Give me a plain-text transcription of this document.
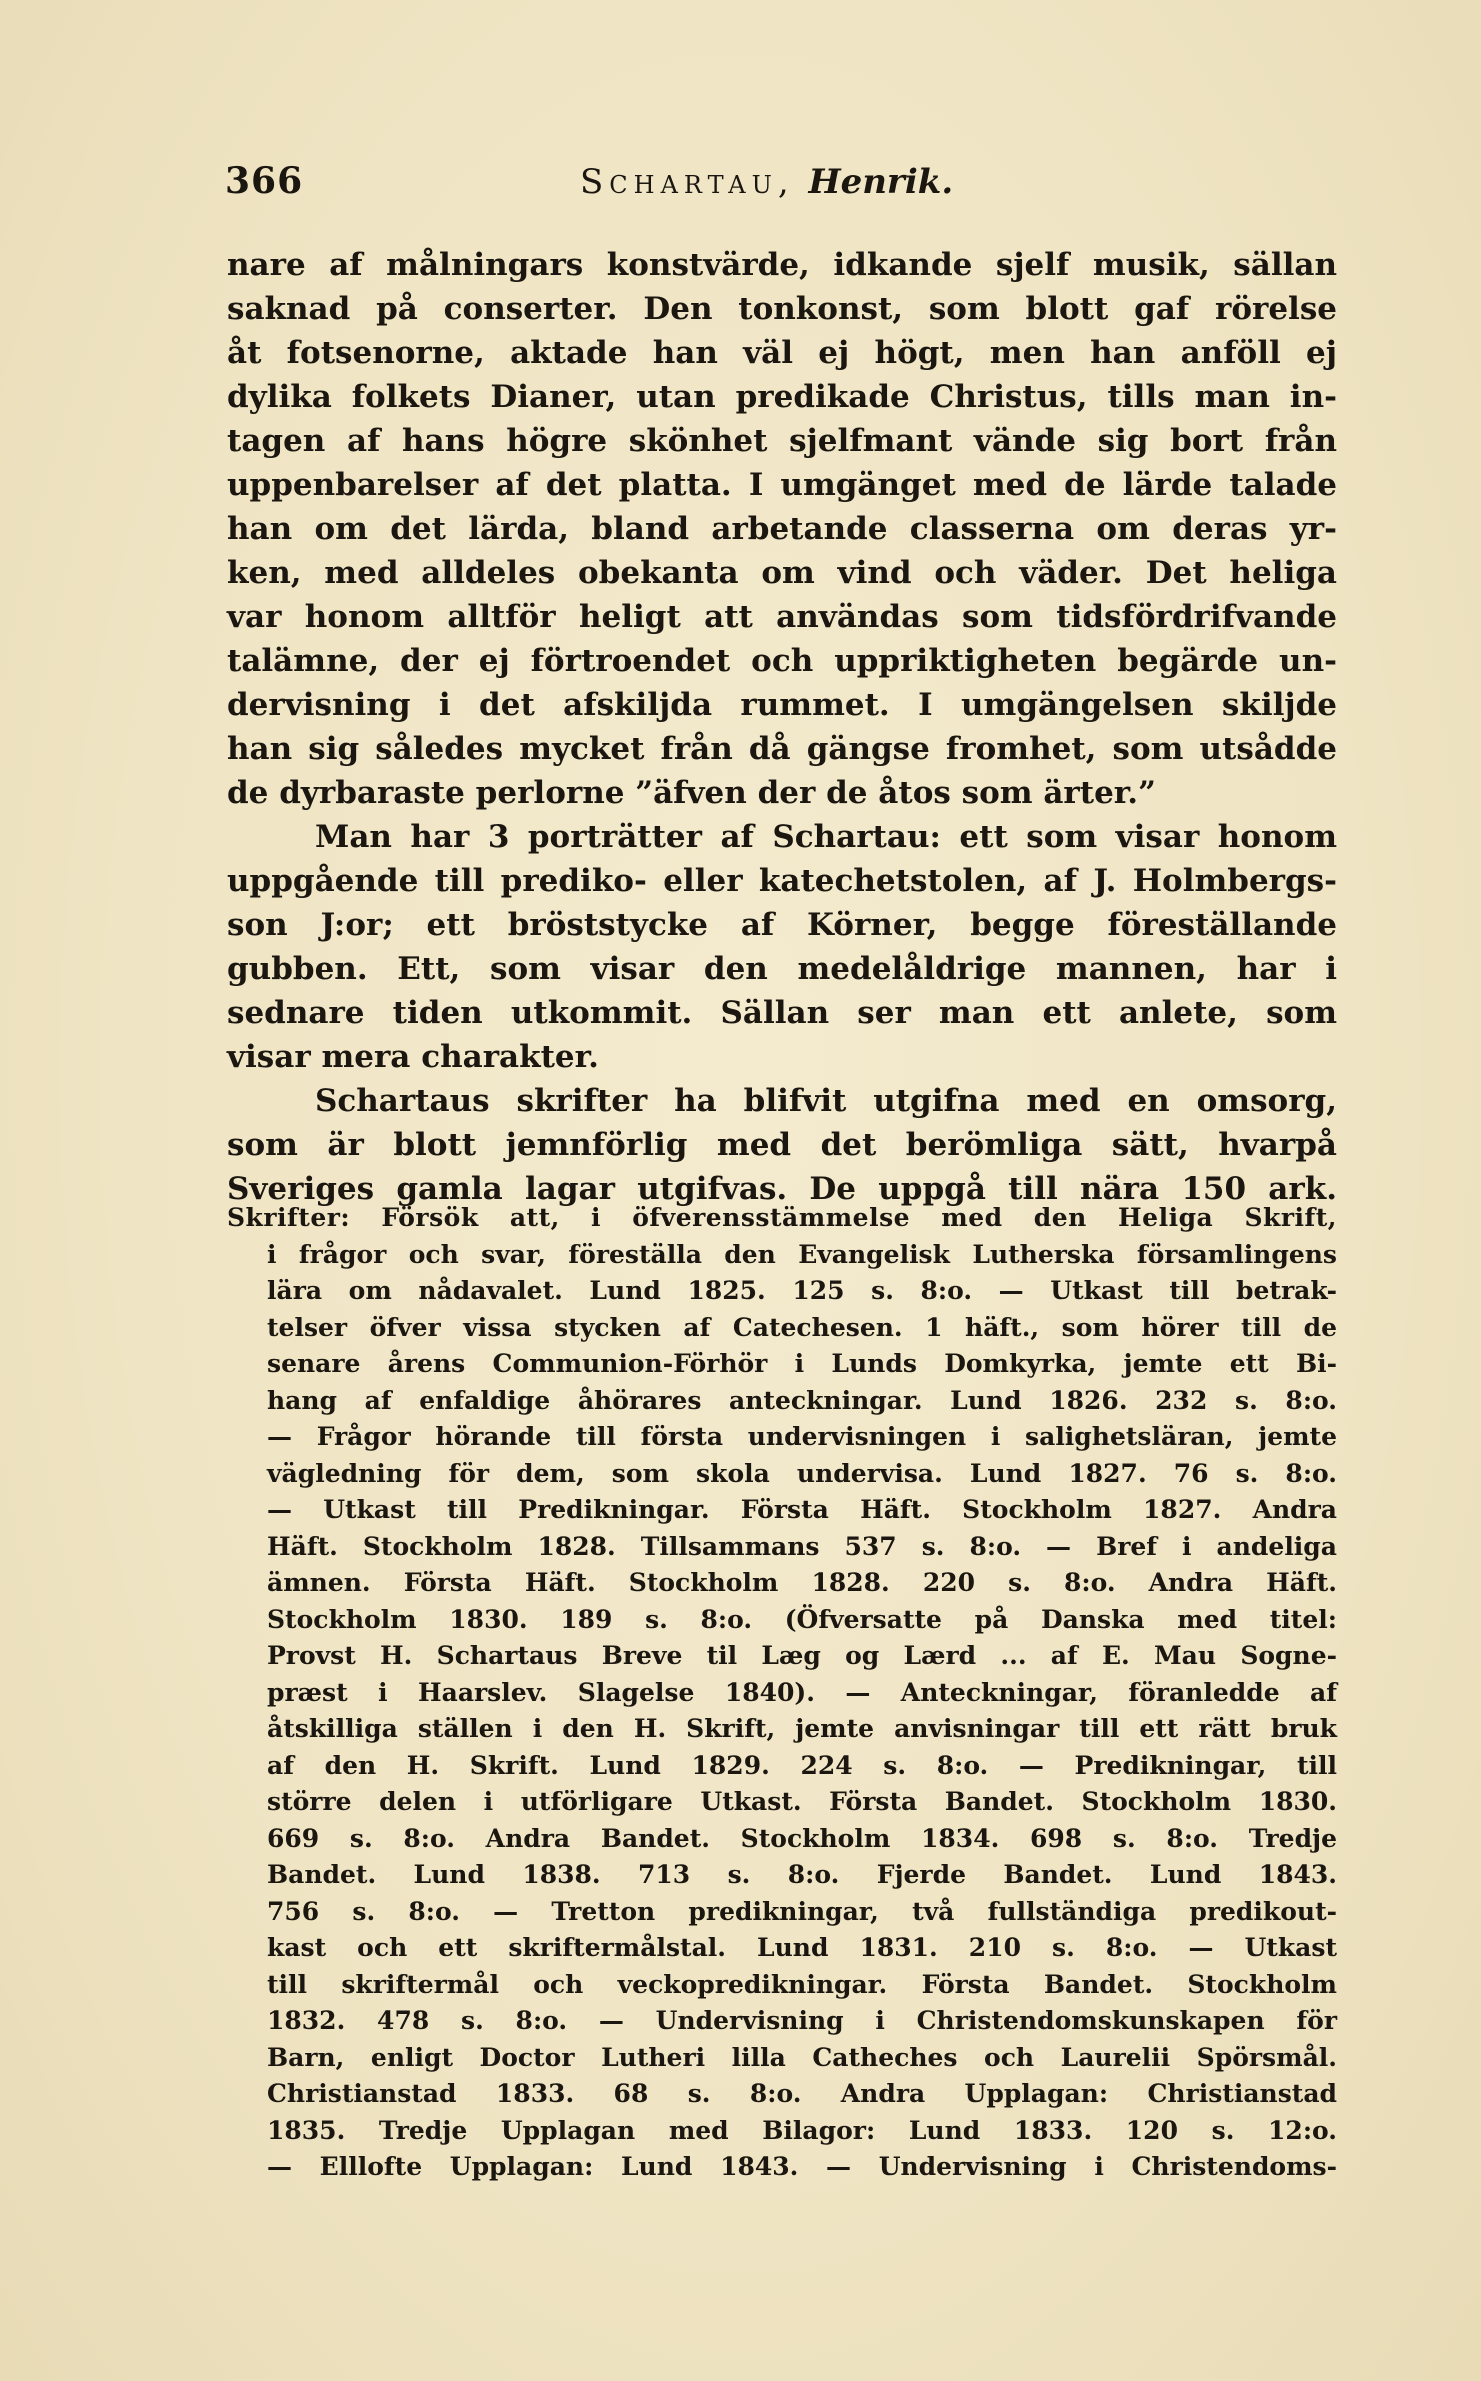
366	Schartau, Henrik.
nare af målningars konstvärde, idkande sjelf musik, sällan
saknad på conserter. Den tonkonst, som blott gaf rörelse
åt fotsenorne, aktade han väl ej högt, men han anföll ej
dylika folkets Dianer, utan predikade Christus, tills man in-
tagen af hans högre skönhet sjelfmant vände sig bort från
uppenbarelser af det platta. I umgänget med de lärde talade
han om det lärda, bland arbetande classerna om deras yr-
ken, med alldeles obekanta om vind och väder. Det heliga
var honom alltför heligt att användas som tidsfördrifvande
talämne, der ej förtroendet och uppriktigheten begärde un-
dervisning i det afskiljda rummet. I umgängelsen skiljde
han sig således mycket från då gängse fromhet, som utsådde
de dyrbaraste perlorne ”äfven der de åtos som ärter.”
Man har 3 porträtter af Schartau: ett som visar honom
uppgående till prediko- eller katechetstolen, af J. Holmbergs-
son J:or; ett bröststycke af Körner, begge föreställande
gubben. Ett, som visar den medelåldrige mannen, har i
sednare tiden utkommit. Sällan ser man ett anlete, som
visar mera charakter.
Schartaus skrifter ha blifvit utgifna med en omsorg,
som är blott jemnförlig med det berömliga sätt, hvarpå
Sveriges gamla lagar utgifvas. De uppgå till nära 150 ark.
Skrifter: Försök att, i öfverensstämmelse med den Heliga Skrift,
i frågor och svar, föreställa den Evangelisk Lutherska församlingens
lära om nådavalet. Lund 1825. 125 s. 8:o. — Utkast till betrak-
telser öfver vissa stycken af Catechesen. 1 häft., som hörer till de
senare årens Communion-Förhör i Lunds Domkyrka, jemte ett Bi-
hang af enfaldige åhörares anteckningar. Lund 1826. 232 s. 8:o.
— Frågor hörande till första undervisningen i salighetsläran, jemte
vägledning för dem, som skola undervisa. Lund 1827. 76 s. 8:o.
— Utkast till Predikningar. Första Häft. Stockholm 1827. Andra
Häft. Stockholm 1828. Tillsammans 537 s. 8:o. — Bref i andeliga
ämnen. Första Häft. Stockholm 1828. 220 s. 8:o. Andra Häft.
Stockholm 1830. 189 s. 8:o. (Öfversatte på Danska med titel:
Provst H. Schartaus Breve til Læg og Lærd ... af E. Mau Sogne-
præst i Haarslev. Slagelse 1840). — Anteckningar, föranledde af
åtskilliga ställen i den H. Skrift, jemte anvisningar till ett rätt bruk
af den H. Skrift. Lund 1829. 224 s. 8:o. — Predikningar, till
större delen i utförligare Utkast. Första Bandet. Stockholm 1830.
669 s. 8:o. Andra Bandet. Stockholm 1834. 698 s. 8:o. Tredje
Bandet. Lund 1838. 713 s. 8:o. Fjerde Bandet. Lund 1843.
756 s. 8:o. — Tretton predikningar, två fullständiga predikout-
kast och ett skriftermålstal. Lund 1831. 210 s. 8:o. — Utkast
till skriftermål och veckopredikningar. Första Bandet. Stockholm
1832. 478 s. 8:o. — Undervisning i Christendomskunskapen för
Barn, enligt Doctor Lutheri lilla Catheches och Laurelii Spörsmål.
Christianstad 1833. 68 s. 8:o. Andra Upplagan: Christianstad
1835. Tredje Upplagan med Bilagor: Lund 1833. 120 s. 12:o.
— Elllofte Upplagan: Lund 1843. — Undervisning i Christendoms-
